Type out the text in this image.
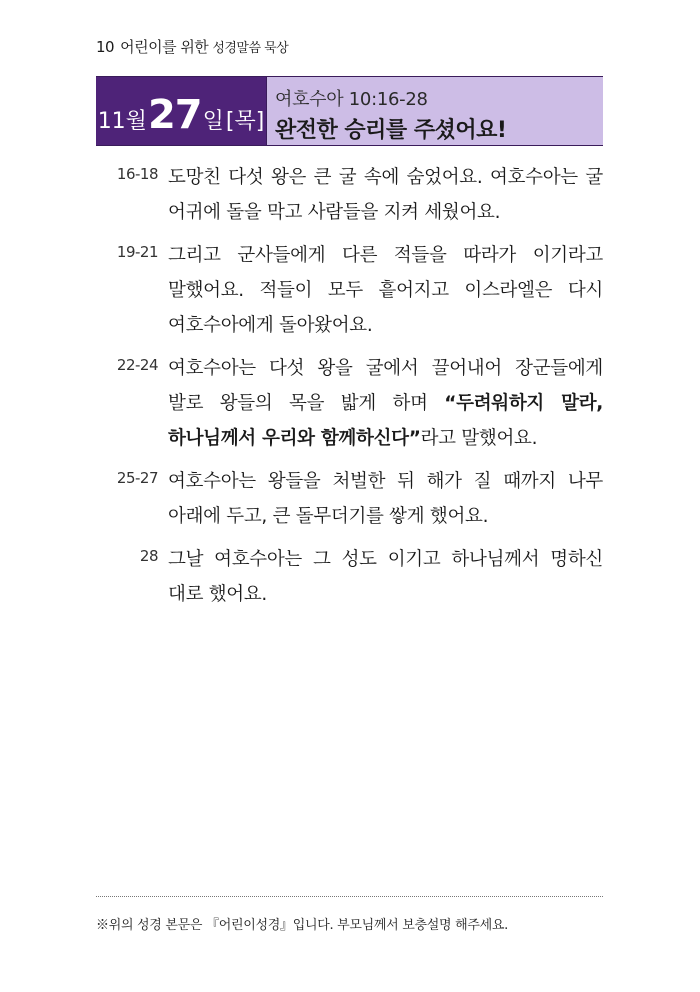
10 어린이를 위한 성경말씀 묵상
11월 27 일 [목]
여호수아 10:16-28
완전한 승리를 주셨어요!
16-18 도망친 다섯 왕은 큰 굴 속에 숨었어요. 여호수아는 굴 어귀에 돌을 막고 사람들을 지켜 세웠어요.
19-21 그리고 군사들에게 다른 적들을 따라가 이기라고 말했어요. 적들이 모두 흩어지고 이스라엘은 다시 여호수아에게 돌아왔어요.
22-24 여호수아는 다섯 왕을 굴에서 끌어내어 장군들에게 발로 왕들의 목을 밟게 하며 “두려워하지 말라, 하나님께서 우리와 함께하신다”라고 말했어요.
25-27 여호수아는 왕들을 처벌한 뒤 해가 질 때까지 나무 아래에 두고, 큰 돌무더기를 쌓게 했어요.
28 그날 여호수아는 그 성도 이기고 하나님께서 명하신 대로 했어요.
※위의 성경 본문은 『어린이성경』입니다. 부모님께서 보충설명 해주세요.
